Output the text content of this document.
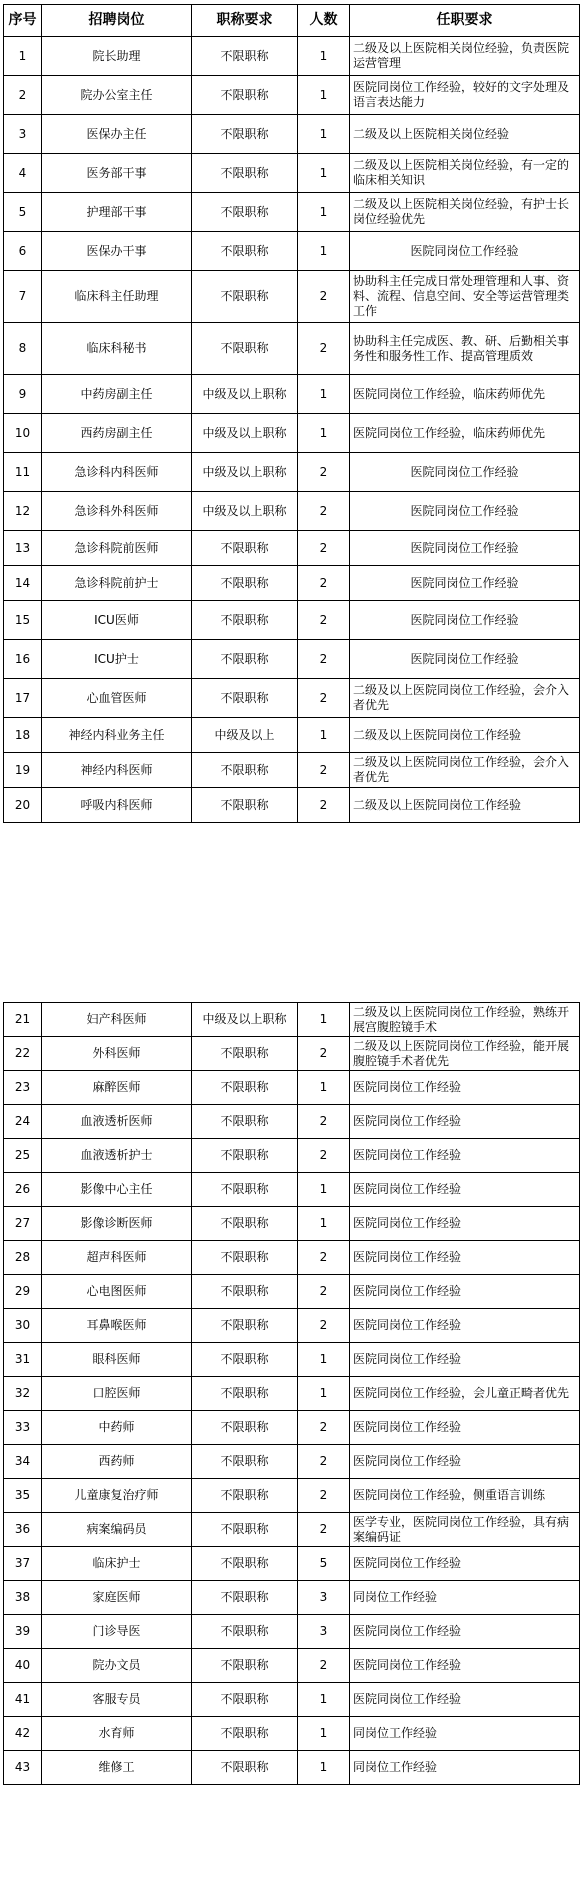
序号	招聘岗位	职称要求	人数	任职要求
1	院长助理	不限职称	1	二级及以上医院相关岗位经验，负责医院运营管理
2	院办公室主任	不限职称	1	医院同岗位工作经验，较好的文字处理及语言表达能力
3	医保办主任	不限职称	1	二级及以上医院相关岗位经验
4	医务部干事	不限职称	1	二级及以上医院相关岗位经验，有一定的临床相关知识
5	护理部干事	不限职称	1	二级及以上医院相关岗位经验，有护士长岗位经验优先
6	医保办干事	不限职称	1	医院同岗位工作经验
7	临床科主任助理	不限职称	2	协助科主任完成日常处理管理和人事、资料、流程、信息空间、安全等运营管理类工作
8	临床科秘书	不限职称	2	协助科主任完成医、教、研、后勤相关事务性和服务性工作、提高管理质效
9	中药房副主任	中级及以上职称	1	医院同岗位工作经验，临床药师优先
10	西药房副主任	中级及以上职称	1	医院同岗位工作经验，临床药师优先
11	急诊科内科医师	中级及以上职称	2	医院同岗位工作经验
12	急诊科外科医师	中级及以上职称	2	医院同岗位工作经验
13	急诊科院前医师	不限职称	2	医院同岗位工作经验
14	急诊科院前护士	不限职称	2	医院同岗位工作经验
15	ICU医师	不限职称	2	医院同岗位工作经验
16	ICU护士	不限职称	2	医院同岗位工作经验
17	心血管医师	不限职称	2	二级及以上医院同岗位工作经验，会介入者优先
18	神经内科业务主任	中级及以上	1	二级及以上医院同岗位工作经验
19	神经内科医师	不限职称	2	二级及以上医院同岗位工作经验，会介入者优先
20	呼吸内科医师	不限职称	2	二级及以上医院同岗位工作经验
21	妇产科医师	中级及以上职称	1	二级及以上医院同岗位工作经验，熟练开展宫腹腔镜手术
22	外科医师	不限职称	2	二级及以上医院同岗位工作经验，能开展腹腔镜手术者优先
23	麻醉医师	不限职称	1	医院同岗位工作经验
24	血液透析医师	不限职称	2	医院同岗位工作经验
25	血液透析护士	不限职称	2	医院同岗位工作经验
26	影像中心主任	不限职称	1	医院同岗位工作经验
27	影像诊断医师	不限职称	1	医院同岗位工作经验
28	超声科医师	不限职称	2	医院同岗位工作经验
29	心电图医师	不限职称	2	医院同岗位工作经验
30	耳鼻喉医师	不限职称	2	医院同岗位工作经验
31	眼科医师	不限职称	1	医院同岗位工作经验
32	口腔医师	不限职称	1	医院同岗位工作经验，会儿童正畸者优先
33	中药师	不限职称	2	医院同岗位工作经验
34	西药师	不限职称	2	医院同岗位工作经验
35	儿童康复治疗师	不限职称	2	医院同岗位工作经验，侧重语言训练
36	病案编码员	不限职称	2	医学专业，医院同岗位工作经验，具有病案编码证
37	临床护士	不限职称	5	医院同岗位工作经验
38	家庭医师	不限职称	3	同岗位工作经验
39	门诊导医	不限职称	3	医院同岗位工作经验
40	院办文员	不限职称	2	医院同岗位工作经验
41	客服专员	不限职称	1	医院同岗位工作经验
42	水育师	不限职称	1	同岗位工作经验
43	维修工	不限职称	1	同岗位工作经验
